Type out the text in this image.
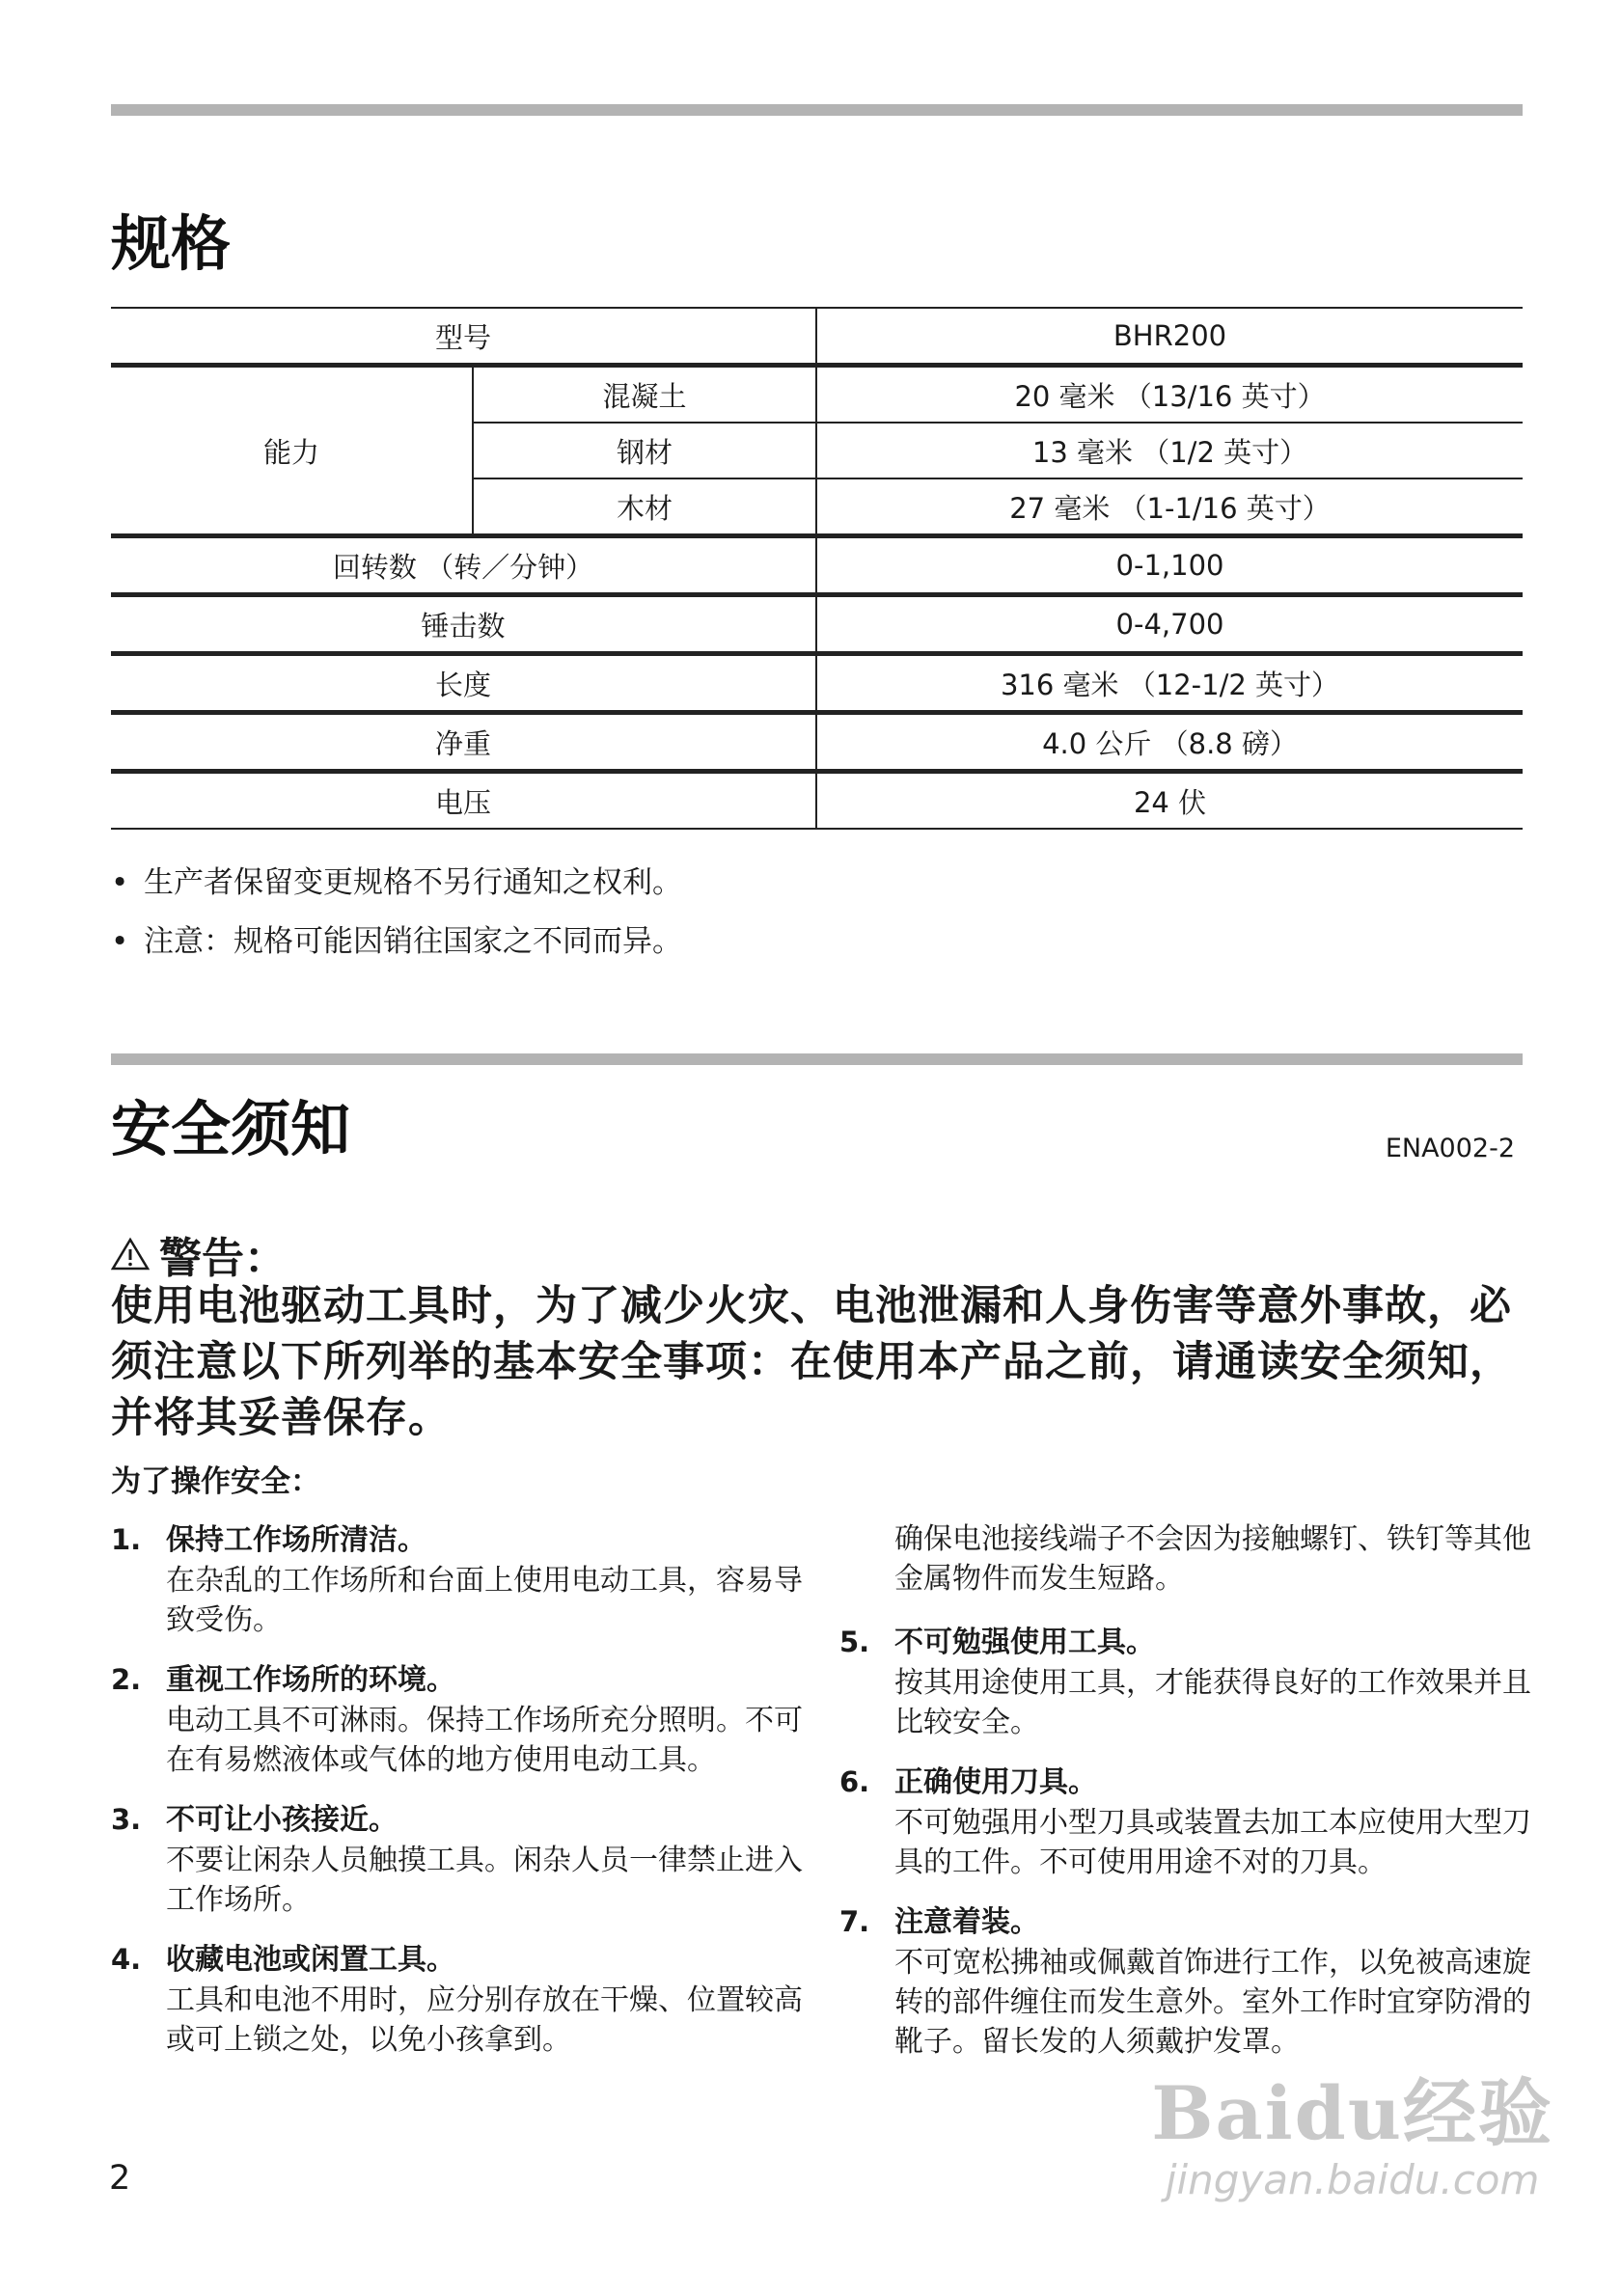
规格
型号		BHR200
能力	混凝土	20 毫米 （13/16 英寸）
	钢材	13 毫米 （1/2 英寸）
	木材	27 毫米 （1-1/16 英寸）
回转数 （转／分钟）		0-1,100
锤击数		0-4,700
长度		316 毫米 （12-1/2 英寸）
净重		4.0 公斤 （8.8 磅）
电压		24 伏
• 生产者保留变更规格不另行通知之权利。
• 注意：规格可能因销往国家之不同而异。
安全须知	ENA002-2
警告：
使用电池驱动工具时，为了减少火灾、电池泄漏和人身伤害等意外事故，必须注意以下所列举的基本安全事项：在使用本产品之前，请通读安全须知，并将其妥善保存。
为了操作安全：
1. 保持工作场所清洁。
在杂乱的工作场所和台面上使用电动工具，容易导致受伤。
2. 重视工作场所的环境。
电动工具不可淋雨。保持工作场所充分照明。不可在有易燃液体或气体的地方使用电动工具。
3. 不可让小孩接近。
不要让闲杂人员触摸工具。闲杂人员一律禁止进入工作场所。
4. 收藏电池或闲置工具。
工具和电池不用时，应分别存放在干燥、位置较高或可上锁之处，以免小孩拿到。
确保电池接线端子不会因为接触螺钉、铁钉等其他金属物件而发生短路。
5. 不可勉强使用工具。
按其用途使用工具，才能获得良好的工作效果并且比较安全。
6. 正确使用刀具。
不可勉强用小型刀具或装置去加工本应使用大型刀具的工件。不可使用用途不对的刀具。
7. 注意着装。
不可宽松拂袖或佩戴首饰进行工作，以免被高速旋转的部件缠住而发生意外。室外工作时宜穿防滑的靴子。留长发的人须戴护发罩。
2
Baidu经验
jingyan.baidu.com
